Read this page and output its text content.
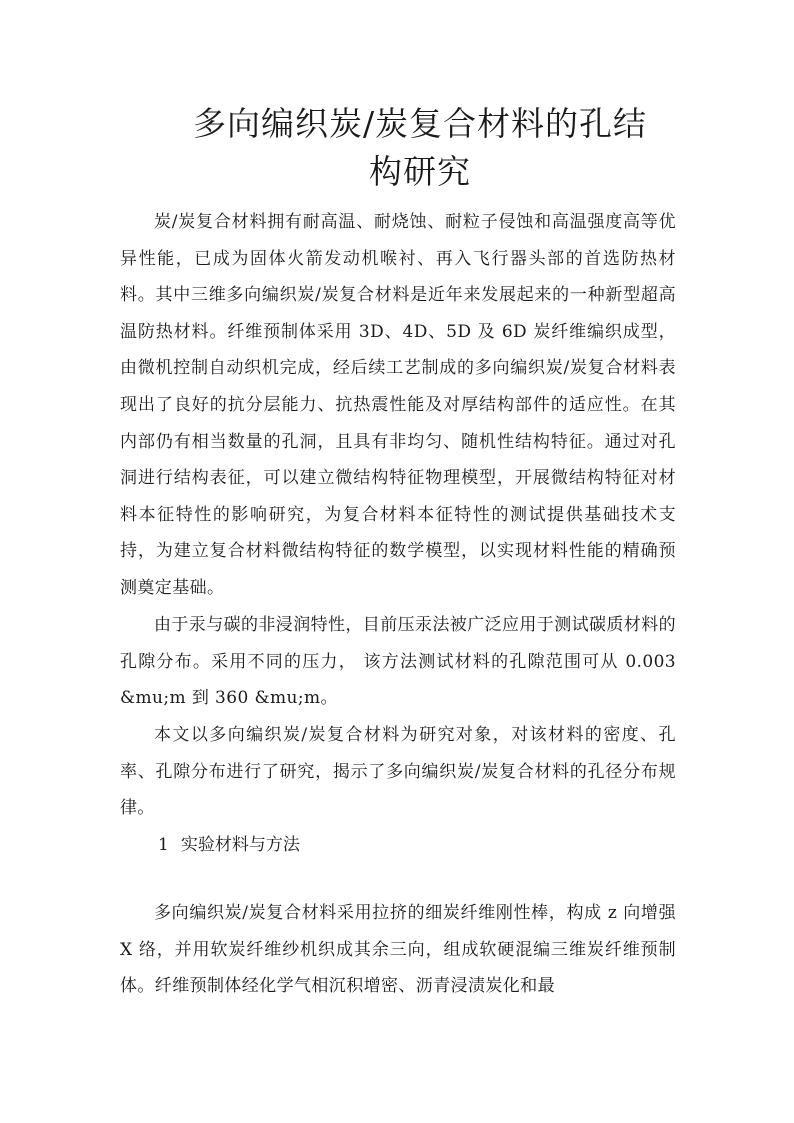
多向编织炭/炭复合材料的孔结
构研究

炭/炭复合材料拥有耐高温、耐烧蚀、耐粒子侵蚀和高温强度高等优异性能，已成为固体火箭发动机喉衬、再入飞行器头部的首选防热材料。其中三维多向编织炭/炭复合材料是近年来发展起来的一种新型超高温防热材料。纤维预制体采用 3D、4D、5D 及 6D 炭纤维编织成型，由微机控制自动织机完成，经后续工艺制成的多向编织炭/炭复合材料表现出了良好的抗分层能力、抗热震性能及对厚结构部件的适应性。在其内部仍有相当数量的孔洞，且具有非均匀、随机性结构特征。通过对孔洞进行结构表征，可以建立微结构特征物理模型，开展微结构特征对材料本征特性的影响研究，为复合材料本征特性的测试提供基础技术支持，为建立复合材料微结构特征的数学模型，以实现材料性能的精确预测奠定基础。

由于汞与碳的非浸润特性，目前压汞法被广泛应用于测试碳质材料的孔隙分布。采用不同的压力， 该方法测试材料的孔隙范围可从 0.003 &mu;m 到 360 &mu;m。

本文以多向编织炭/炭复合材料为研究对象，对该材料的密度、孔率、孔隙分布进行了研究，揭示了多向编织炭/炭复合材料的孔径分布规律。

1 实验材料与方法

多向编织炭/炭复合材料采用拉挤的细炭纤维刚性棒，构成 z 向增强 X 络，并用软炭纤维纱机织成其余三向，组成软硬混编三维炭纤维预制体。纤维预制体经化学气相沉积增密、沥青浸渍炭化和最
